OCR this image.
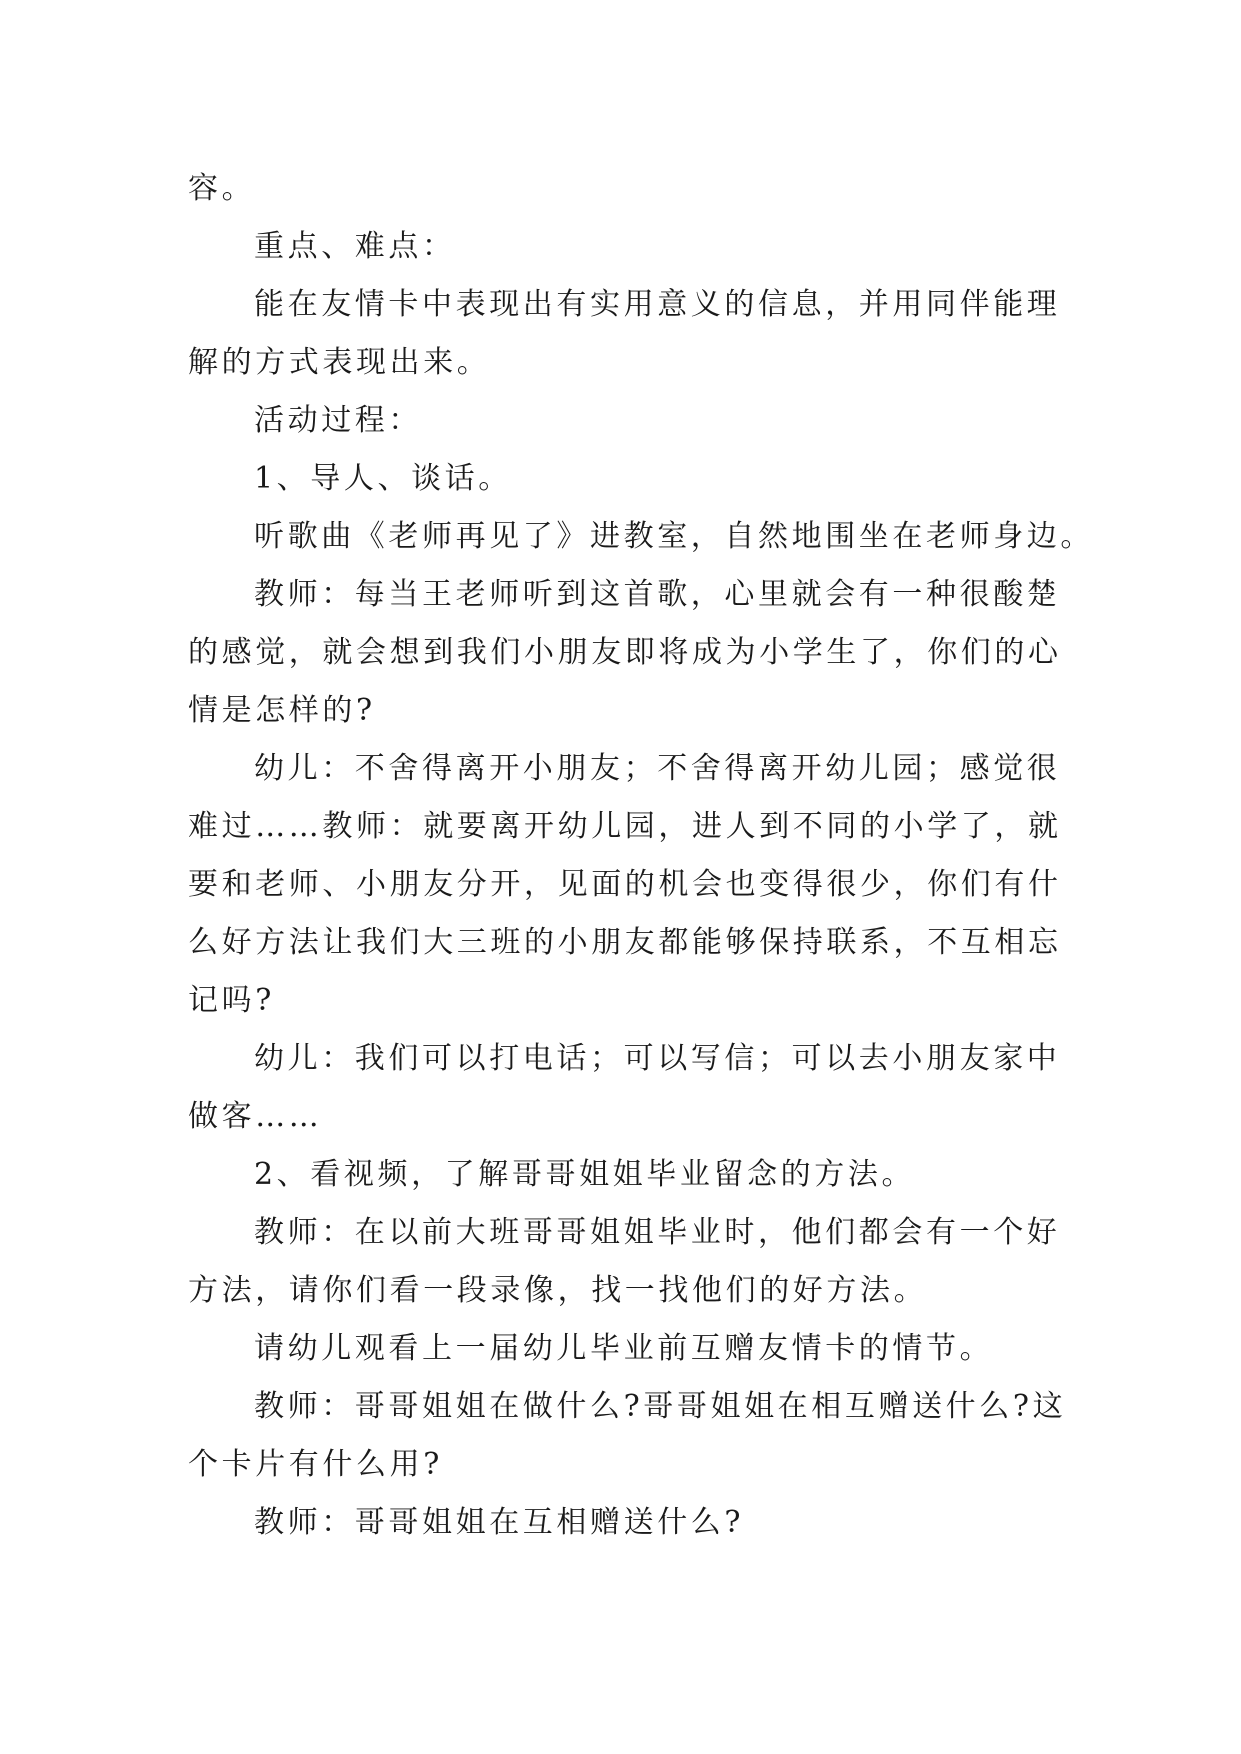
容。
重点、难点：
能在友情卡中表现出有实用意义的信息，并用同伴能理
解的方式表现出来。
活动过程：
1、导人、谈话。
听歌曲《老师再见了》进教室，自然地围坐在老师身边。
教师：每当王老师听到这首歌，心里就会有一种很酸楚
的感觉，就会想到我们小朋友即将成为小学生了，你们的心
情是怎样的?
幼儿：不舍得离开小朋友；不舍得离开幼儿园；感觉很
难过……教师：就要离开幼儿园，进人到不同的小学了，就
要和老师、小朋友分开，见面的机会也变得很少，你们有什
么好方法让我们大三班的小朋友都能够保持联系，不互相忘
记吗?
幼儿：我们可以打电话；可以写信；可以去小朋友家中
做客……
2、看视频，了解哥哥姐姐毕业留念的方法。
教师：在以前大班哥哥姐姐毕业时，他们都会有一个好
方法，请你们看一段录像，找一找他们的好方法。
请幼儿观看上一届幼儿毕业前互赠友情卡的情节。
教师：哥哥姐姐在做什么?哥哥姐姐在相互赠送什么?这
个卡片有什么用?
教师：哥哥姐姐在互相赠送什么?
